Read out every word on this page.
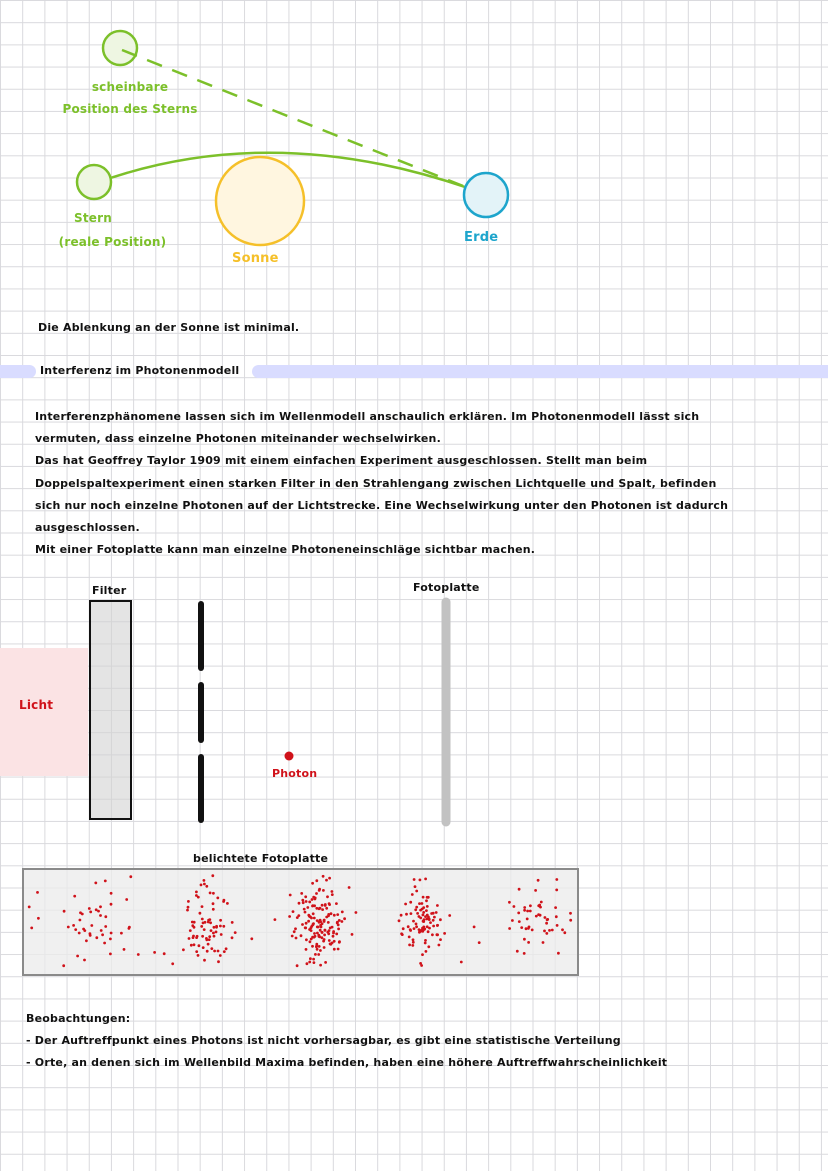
scheinbare
Position des Sterns
Stern
(reale Position)
Sonne
Erde
Die Ablenkung an der Sonne ist minimal.
Interferenz im Photonenmodell
Interferenzphänomene lassen sich im Wellenmodell anschaulich erklären. Im Photonenmodell lässt sich
vermuten, dass einzelne Photonen miteinander wechselwirken.
Das hat Geoffrey Taylor 1909 mit einem einfachen Experiment ausgeschlossen. Stellt man beim
Doppelspaltexperiment einen starken Filter in den Strahlengang zwischen Lichtquelle und Spalt, befinden
sich nur noch einzelne Photonen auf der Lichtstrecke. Eine Wechselwirkung unter den Photonen ist dadurch
ausgeschlossen.
Mit einer Fotoplatte kann man einzelne Photoneneinschläge sichtbar machen.
Licht
Filter	Fotoplatte
Photon
belichtete Fotoplatte
Beobachtungen:
- Der Auftreffpunkt eines Photons ist nicht vorhersagbar, es gibt eine statistische Verteilung
- Orte, an denen sich im Wellenbild Maxima befinden, haben eine höhere Auftreffwahrscheinlichkeit
